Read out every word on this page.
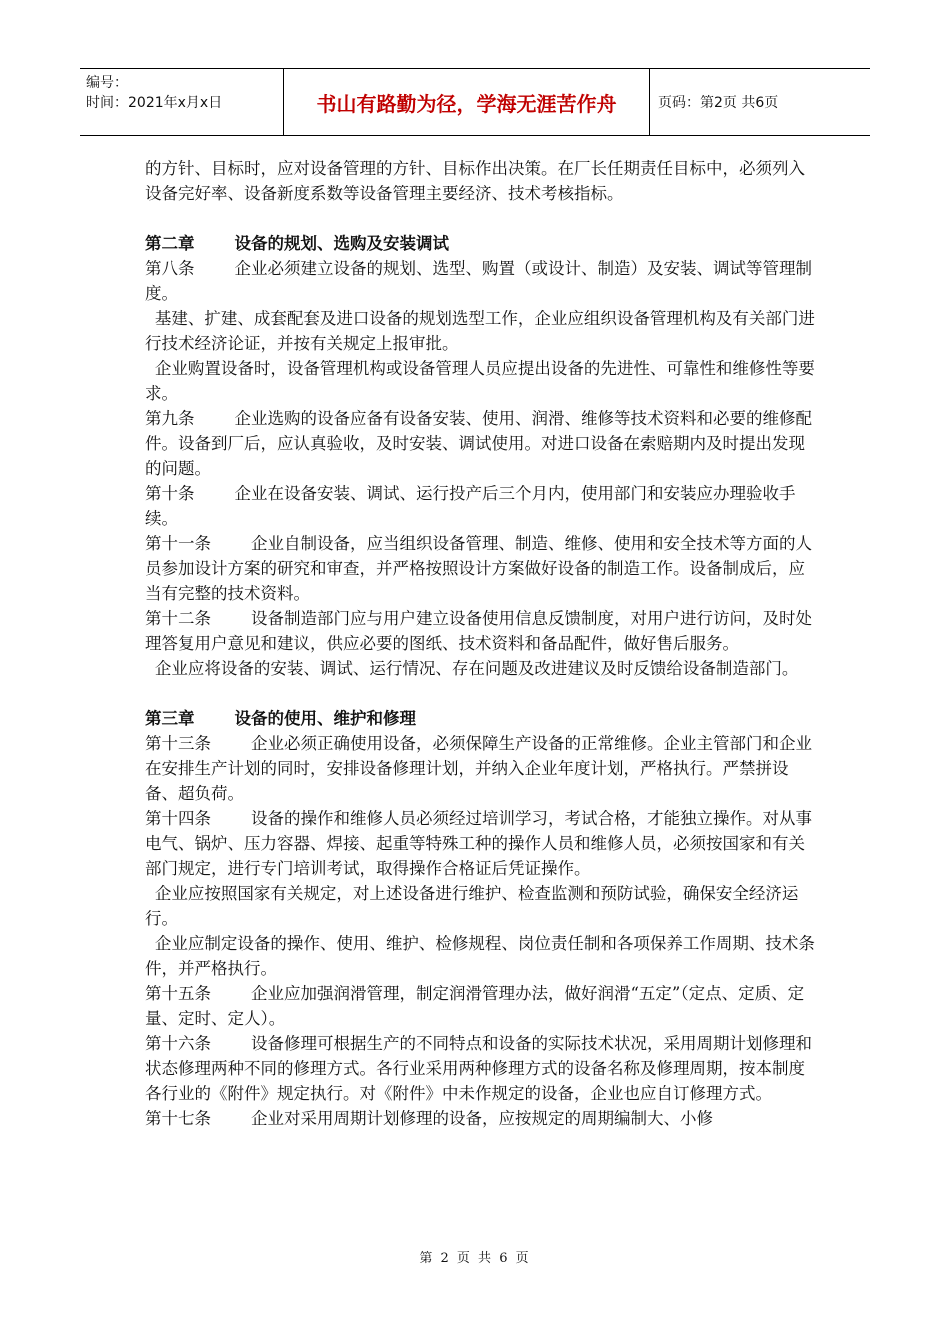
编号：
时间：2021年x月x日	书山有路勤为径，学海无涯苦作舟	页码：第2页 共6页

的方针、目标时，应对设备管理的方针、目标作出决策。在厂长任期责任目标中，必须列入设备完好率、设备新度系数等设备管理主要经济、技术考核指标。

第二章 设备的规划、选购及安装调试

第八条 企业必须建立设备的规划、选型、购置（或设计、制造）及安装、调试等管理制度。

基建、扩建、成套配套及进口设备的规划选型工作，企业应组织设备管理机构及有关部门进行技术经济论证，并按有关规定上报审批。

企业购置设备时，设备管理机构或设备管理人员应提出设备的先进性、可靠性和维修性等要求。

第九条 企业选购的设备应备有设备安装、使用、润滑、维修等技术资料和必要的维修配件。设备到厂后，应认真验收，及时安装、调试使用。对进口设备在索赔期内及时提出发现的问题。

第十条 企业在设备安装、调试、运行投产后三个月内，使用部门和安装应办理验收手续。

第十一条 企业自制设备，应当组织设备管理、制造、维修、使用和安全技术等方面的人员参加设计方案的研究和审查，并严格按照设计方案做好设备的制造工作。设备制成后，应当有完整的技术资料。

第十二条 设备制造部门应与用户建立设备使用信息反馈制度，对用户进行访问，及时处理答复用户意见和建议，供应必要的图纸、技术资料和备品配件，做好售后服务。

企业应将设备的安装、调试、运行情况、存在问题及改进建议及时反馈给设备制造部门。

第三章 设备的使用、维护和修理

第十三条 企业必须正确使用设备，必须保障生产设备的正常维修。企业主管部门和企业在安排生产计划的同时，安排设备修理计划，并纳入企业年度计划，严格执行。严禁拼设备、超负荷。

第十四条 设备的操作和维修人员必须经过培训学习，考试合格，才能独立操作。对从事电气、锅炉、压力容器、焊接、起重等特殊工种的操作人员和维修人员，必须按国家和有关部门规定，进行专门培训考试，取得操作合格证后凭证操作。

企业应按照国家有关规定，对上述设备进行维护、检查监测和预防试验，确保安全经济运行。

企业应制定设备的操作、使用、维护、检修规程、岗位责任制和各项保养工作周期、技术条件，并严格执行。

第十五条 企业应加强润滑管理，制定润滑管理办法，做好润滑“五定”（定点、定质、定量、定时、定人）。

第十六条 设备修理可根据生产的不同特点和设备的实际技术状况，采用周期计划修理和状态修理两种不同的修理方式。各行业采用两种修理方式的设备名称及修理周期，按本制度各行业的《附件》规定执行。对《附件》中未作规定的设备，企业也应自订修理方式。

第十七条 企业对采用周期计划修理的设备，应按规定的周期编制大、小修

第 2 页 共 6 页
